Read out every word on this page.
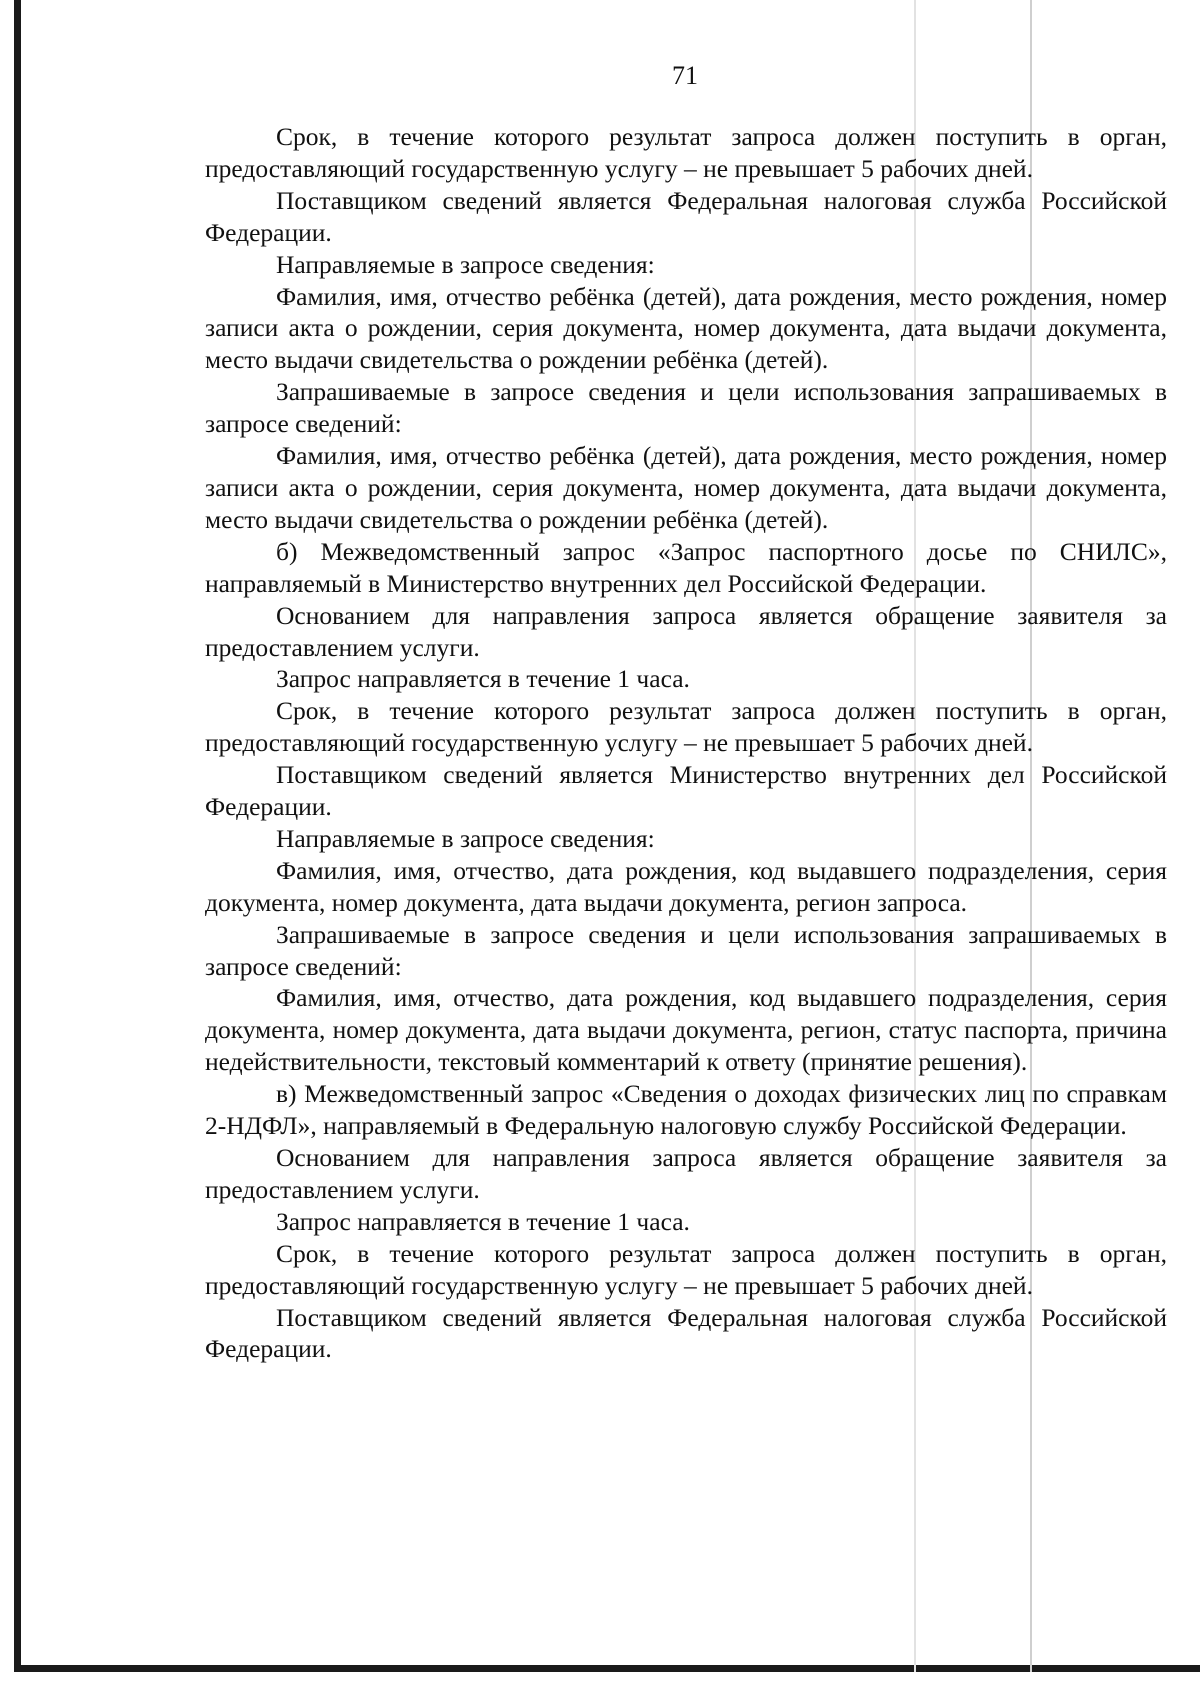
71

Срок, в течение которого результат запроса должен поступить в орган, предоставляющий государственную услугу – не превышает 5 рабочих дней.

Поставщиком сведений является Федеральная налоговая служба Российской Федерации.

Направляемые в запросе сведения:

Фамилия, имя, отчество ребёнка (детей), дата рождения, место рождения, номер записи акта о рождении, серия документа, номер документа, дата выдачи документа, место выдачи свидетельства о рождении ребёнка (детей).

Запрашиваемые в запросе сведения и цели использования запрашиваемых в запросе сведений:

Фамилия, имя, отчество ребёнка (детей), дата рождения, место рождения, номер записи акта о рождении, серия документа, номер документа, дата выдачи документа, место выдачи свидетельства о рождении ребёнка (детей).

б) Межведомственный запрос «Запрос паспортного досье по СНИЛС», направляемый в Министерство внутренних дел Российской Федерации.

Основанием для направления запроса является обращение заявителя за предоставлением услуги.

Запрос направляется в течение 1 часа.

Срок, в течение которого результат запроса должен поступить в орган, предоставляющий государственную услугу – не превышает 5 рабочих дней.

Поставщиком сведений является Министерство внутренних дел Российской Федерации.

Направляемые в запросе сведения:

Фамилия, имя, отчество, дата рождения, код выдавшего подразделения, серия документа, номер документа, дата выдачи документа, регион запроса.

Запрашиваемые в запросе сведения и цели использования запрашиваемых в запросе сведений:

Фамилия, имя, отчество, дата рождения, код выдавшего подразделения, серия документа, номер документа, дата выдачи документа, регион, статус паспорта, причина недействительности, текстовый комментарий к ответу (принятие решения).

в) Межведомственный запрос «Сведения о доходах физических лиц по справкам 2-НДФЛ», направляемый в Федеральную налоговую службу Российской Федерации.

Основанием для направления запроса является обращение заявителя за предоставлением услуги.

Запрос направляется в течение 1 часа.

Срок, в течение которого результат запроса должен поступить в орган, предоставляющий государственную услугу – не превышает 5 рабочих дней.

Поставщиком сведений является Федеральная налоговая служба Российской Федерации.
